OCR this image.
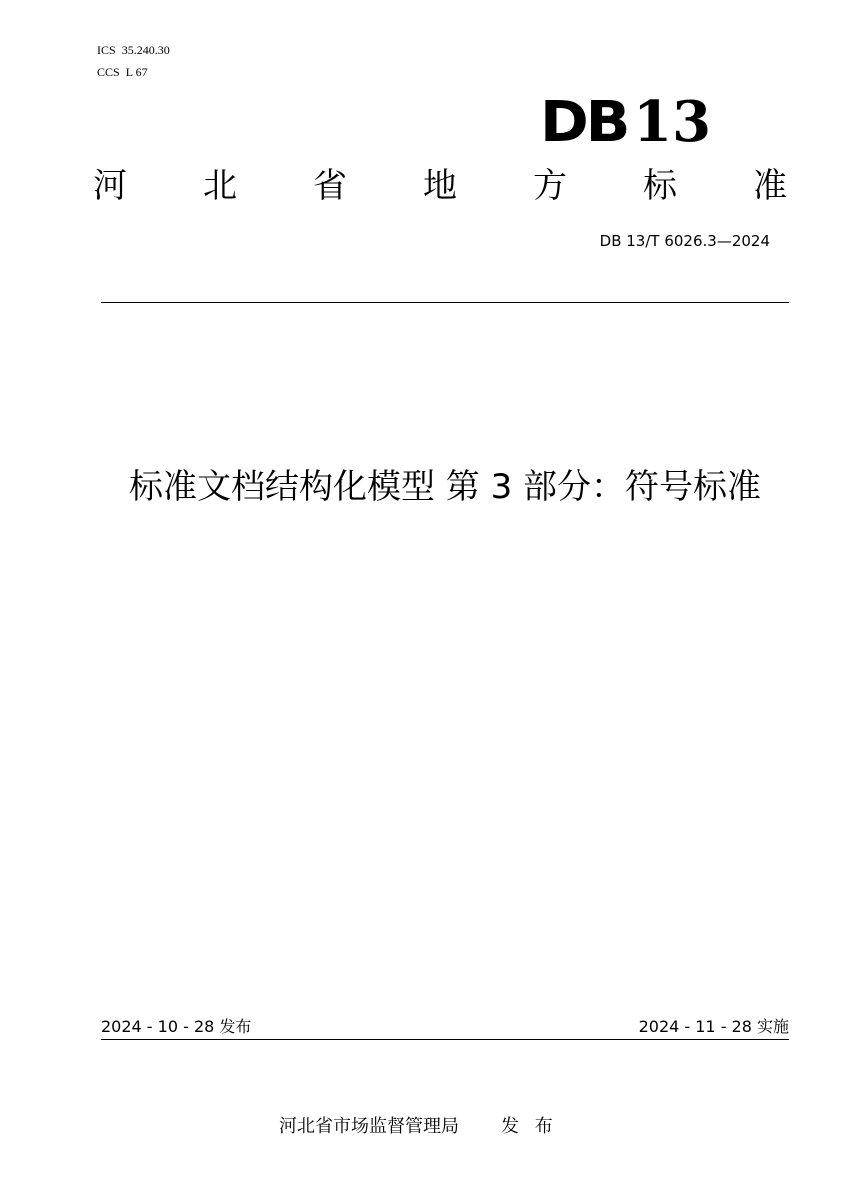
ICS 35.240.30
CCS L 67
DB 13
河 北 省 地 方 标 准
DB 13/T 6026.3—2024
标准文档结构化模型 第 3 部分：符号标准
2024 - 10 - 28 发布	2024 - 11 - 28 实施
河北省市场监督管理局 发 布
